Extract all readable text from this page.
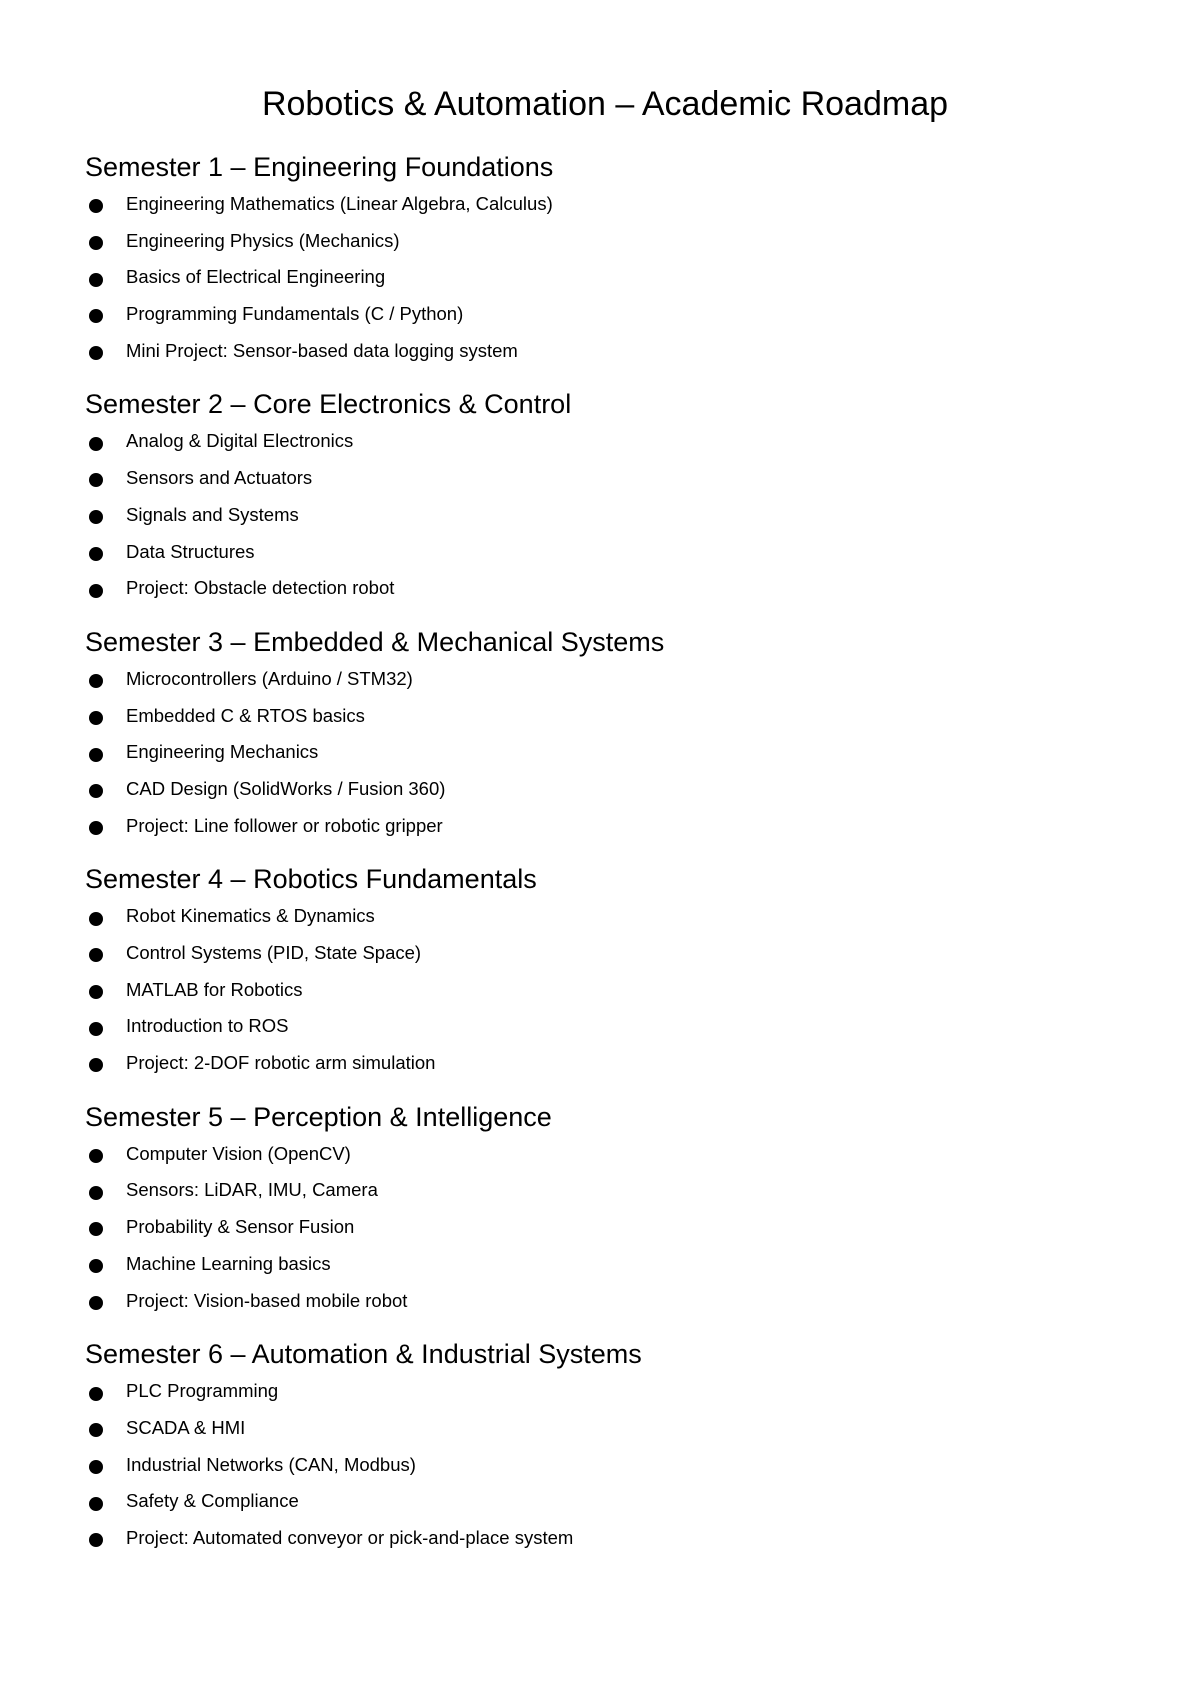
Robotics & Automation – Academic Roadmap
Semester 1 – Engineering Foundations
Engineering Mathematics (Linear Algebra, Calculus)
Engineering Physics (Mechanics)
Basics of Electrical Engineering
Programming Fundamentals (C / Python)
Mini Project: Sensor-based data logging system
Semester 2 – Core Electronics & Control
Analog & Digital Electronics
Sensors and Actuators
Signals and Systems
Data Structures
Project: Obstacle detection robot
Semester 3 – Embedded & Mechanical Systems
Microcontrollers (Arduino / STM32)
Embedded C & RTOS basics
Engineering Mechanics
CAD Design (SolidWorks / Fusion 360)
Project: Line follower or robotic gripper
Semester 4 – Robotics Fundamentals
Robot Kinematics & Dynamics
Control Systems (PID, State Space)
MATLAB for Robotics
Introduction to ROS
Project: 2-DOF robotic arm simulation
Semester 5 – Perception & Intelligence
Computer Vision (OpenCV)
Sensors: LiDAR, IMU, Camera
Probability & Sensor Fusion
Machine Learning basics
Project: Vision-based mobile robot
Semester 6 – Automation & Industrial Systems
PLC Programming
SCADA & HMI
Industrial Networks (CAN, Modbus)
Safety & Compliance
Project: Automated conveyor or pick-and-place system
